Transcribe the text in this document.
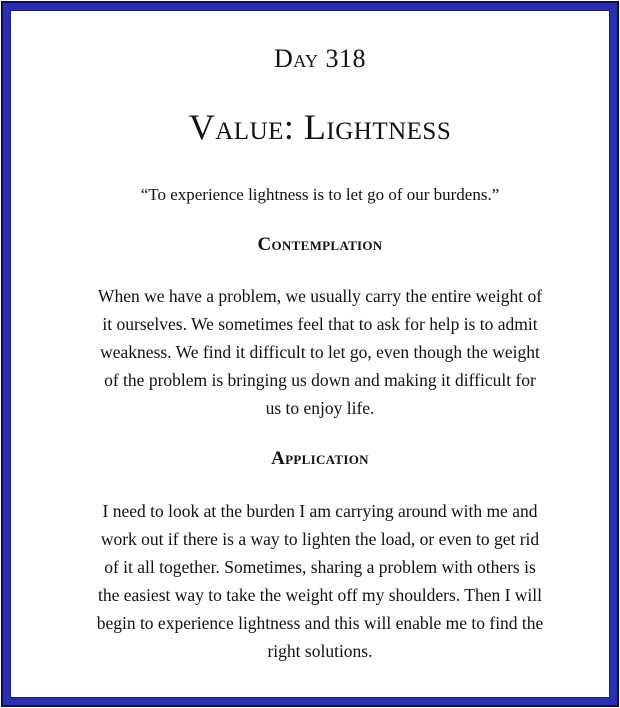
Day 318
Value: Lightness
“To experience lightness is to let go of our burdens.”
Contemplation
When we have a problem, we usually carry the entire weight of
it ourselves. We sometimes feel that to ask for help is to admit
weakness. We find it difficult to let go, even though the weight
of the problem is bringing us down and making it difficult for
us to enjoy life.
Application
I need to look at the burden I am carrying around with me and
work out if there is a way to lighten the load, or even to get rid
of it all together. Sometimes, sharing a problem with others is
the easiest way to take the weight off my shoulders. Then I will
begin to experience lightness and this will enable me to find the
right solutions.
